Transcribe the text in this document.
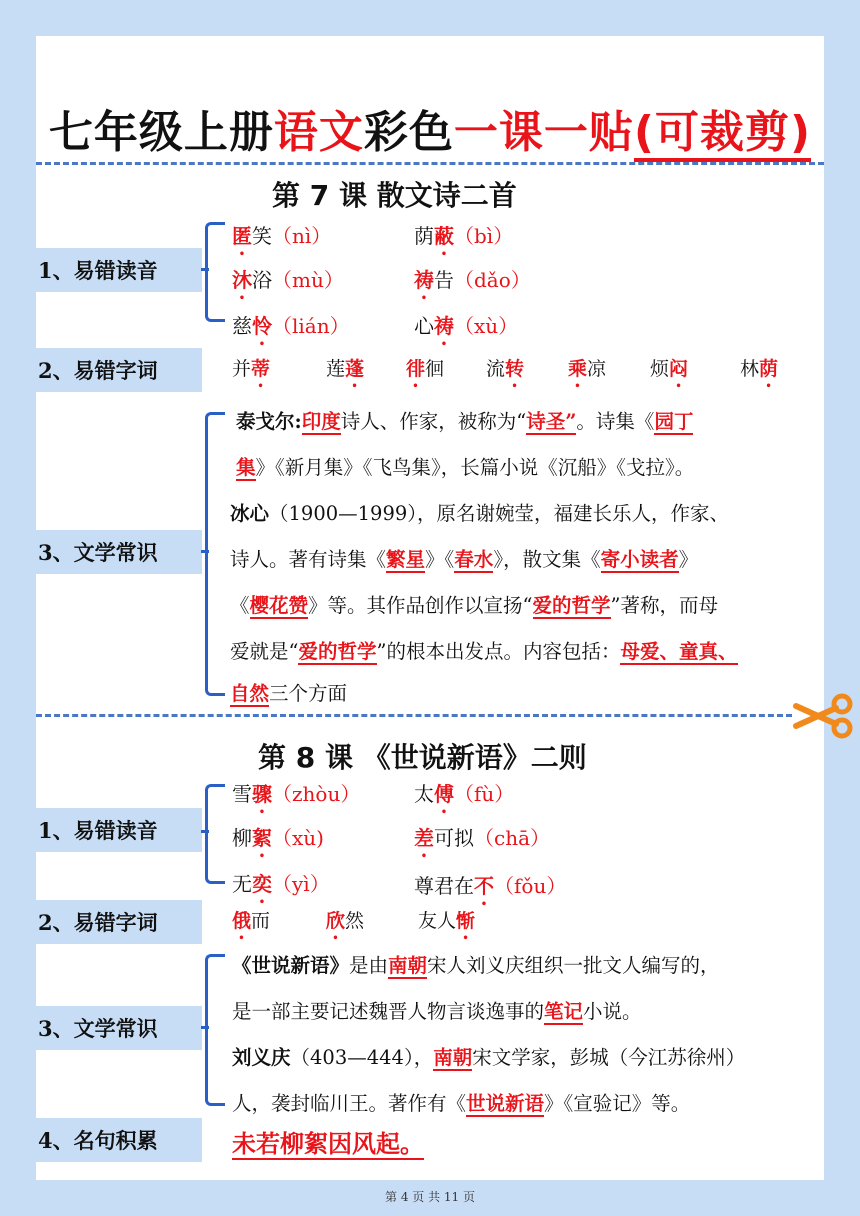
七年级上册语文彩色一课一贴(可裁剪)
第 7 课 散文诗二首
1、易错读音
匿笑（nì）	荫蔽（bì）
沐浴（mù）	祷告（dǎo）
慈怜（lián）	心祷（xù）
2、易错字词	并蒂	莲蓬 徘徊 流转 乘凉 烦闷	林荫
3、文学常识
泰戈尔:印度诗人、作家，被称为“诗圣”。诗集《园丁
集》《新月集》《飞鸟集》，长篇小说《沉船》《戈拉》。
冰心（1900—1999），原名谢婉莹，福建长乐人，作家、
诗人。著有诗集《繁星》《春水》，散文集《寄小读者》
《樱花赞》等。其作品创作以宣扬“爱的哲学”著称，而母
爱就是“爱的哲学”的根本出发点。内容包括：母爱、童真、
自然三个方面
第 8 课 《世说新语》二则
1、易错读音
雪骤（zhòu）	太傅（fù）
柳絮（xù)	差可拟（chā）
无奕（yì）	尊君在不（fǒu）
2、易错字词	俄而	欣然	友人惭
3、文学常识
《世说新语》是由南朝宋人刘义庆组织一批文人编写的，
是一部主要记述魏晋人物言谈逸事的笔记小说。
刘义庆（403—444），南朝宋文学家，彭城（今江苏徐州）
人，袭封临川王。著作有《世说新语》《宣验记》等。
4、名句积累	未若柳絮因风起。
第 4 页 共 11 页
